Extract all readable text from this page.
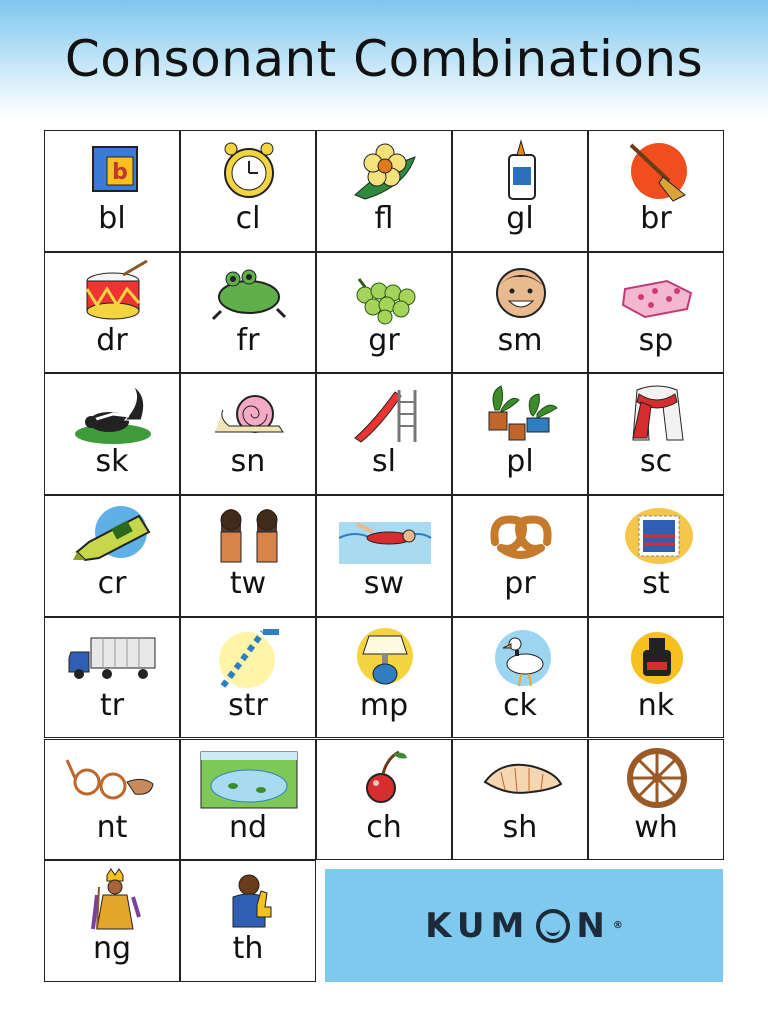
Consonant Combinations
b
bl	cl	fl	gl	br
dr	fr	gr	sm	sp
sk	sn	sl	pl	sc
cr	tw	sw	pr	st
tr	str	mp	ck	nk
nt	nd	ch	sh	wh
ng	th
KUM N ®
